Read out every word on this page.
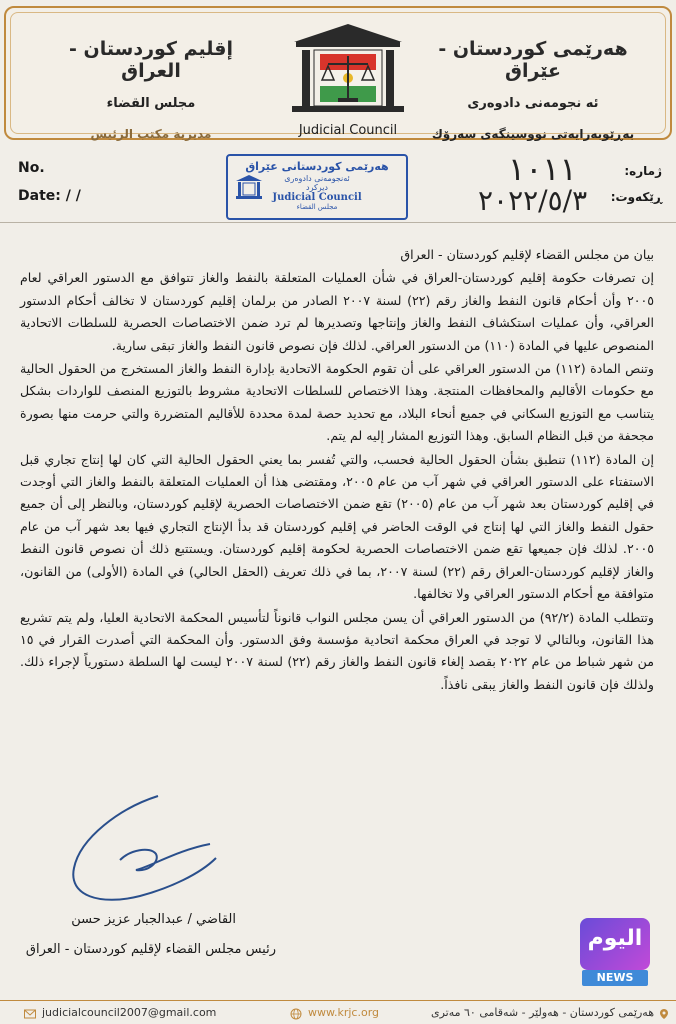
هەرێمی کوردستان - عێراق
ئه نجومه‌نی دادوەری
بەڕێوبەرایەتی نووسینگەی سەرۆك
Judicial Council
إقليم كوردستان - العراق
مجلس القضاء
مديرية مكتب الرئيس
No.
Date: / /
هەرێمی کوردستانی عێراق
ئەنجومەنی دادوەری
دیرکرد
Judicial Council
مجلس القضاء
١٠١١
٢٠٢٢/٥/٣
ژمارە:
ڕێکەوت:

بيان من مجلس القضاء لإقليم كوردستان - العراق

إن تصرفات حكومة إقليم كوردستان-العراق في شأن العمليات المتعلقة بالنفط والغاز تتوافق مع الدستور العراقي لعام ٢٠٠٥ وأن أحكام قانون النفط والغاز رقم (٢٢) لسنة ٢٠٠٧ الصادر من برلمان إقليم كوردستان لا تخالف أحكام الدستور العراقي، وأن عمليات استكشاف النفط والغاز وإنتاجها وتصديرها لم ترد ضمن الاختصاصات الحصرية للسلطات الاتحادية المنصوص عليها في المادة (١١٠) من الدستور العراقي. لذلك فإن نصوص قانون النفط والغاز تبقى سارية.

وتنص المادة (١١٢) من الدستور العراقي على أن تقوم الحكومة الاتحادية بإدارة النفط والغاز المستخرج من الحقول الحالية مع حكومات الأقاليم والمحافظات المنتجة. وهذا الاختصاص للسلطات الاتحادية مشروط بالتوزيع المنصف للواردات بشكل يتناسب مع التوزيع السكاني في جميع أنحاء البلاد، مع تحديد حصة لمدة محددة للأقاليم المتضررة والتي حرمت منها بصورة مجحفة من قبل النظام السابق. وهذا التوزيع المشار إليه لم يتم.

إن المادة (١١٢) تنطبق بشأن الحقول الحالية فحسب، والتي تُفسر بما يعني الحقول الحالية التي كان لها إنتاج تجاري قبل الاستفتاء على الدستور العراقي في شهر آب من عام ٢٠٠٥، ومقتضى هذا أن العمليات المتعلقة بالنفط والغاز التي أوجدت في إقليم كوردستان بعد شهر آب من عام (٢٠٠٥) تقع ضمن الاختصاصات الحصرية لإقليم كوردستان، وبالنظر إلى أن جميع حقول النفط والغاز التي لها إنتاج في الوقت الحاضر في إقليم كوردستان قد بدأ الإنتاج التجاري فيها بعد شهر آب من عام ٢٠٠٥. لذلك فإن جميعها تقع ضمن الاختصاصات الحصرية لحكومة إقليم كوردستان. ويستتبع ذلك أن نصوص قانون النفط والغاز لإقليم كوردستان-العراق رقم (٢٢) لسنة ٢٠٠٧، بما في ذلك تعريف (الحقل الحالي) في المادة (الأولى) من القانون، متوافقة مع أحكام الدستور العراقي ولا تخالفها.

وتتطلب المادة (٩٢/٢) من الدستور العراقي أن يسن مجلس النواب قانوناً لتأسيس المحكمة الاتحادية العليا، ولم يتم تشريع هذا القانون، وبالتالي لا توجد في العراق محكمة اتحادية مؤسسة وفق الدستور. وأن المحكمة التي أصدرت القرار في ١٥ من شهر شباط من عام ٢٠٢٢ بقصد إلغاء قانون النفط والغاز رقم (٢٢) لسنة ٢٠٠٧ ليست لها السلطة دستورياً لإجراء ذلك. ولذلك فإن قانون النفط والغاز يبقى نافذاً.

القاضي / عبدالجبار عزيز حسن
رئيس مجلس القضاء لإقليم كوردستان - العراق	اليوم
NEWS
judicialcouncil2007@gmail.com	www.krjc.org	هەرێمی کوردستان - هەولێر - شەقامی ٦٠ مەتری
